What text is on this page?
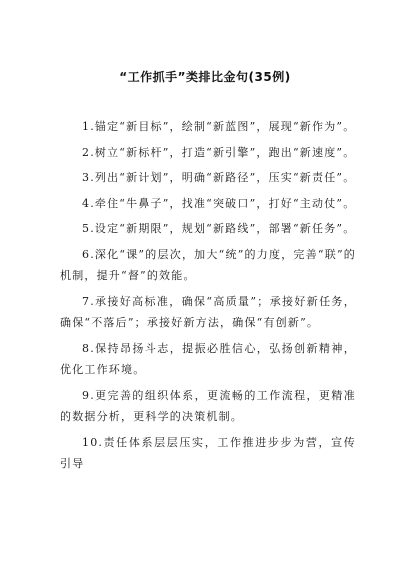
“工作抓手”类排比金句(35例)

1.锚定“新目标”，绘制“新蓝图”，展现“新作为”。

2.树立“新标杆”，打造“新引擎”，跑出“新速度”。

3.列出“新计划”，明确“新路径”，压实“新责任”。

4.牵住“牛鼻子”，找准“突破口”，打好“主动仗”。

5.设定“新期限”，规划“新路线”，部署“新任务”。

6.深化“课”的层次，加大“统”的力度，完善“联”的机制，提升“督”的效能。

7.承接好高标准，确保“高质量”；承接好新任务，确保“不落后”；承接好新方法，确保“有创新”。

8.保持昂扬斗志，提振必胜信心，弘扬创新精神，优化工作环境。

9.更完善的组织体系，更流畅的工作流程，更精准的数据分析，更科学的决策机制。

10.责任体系层层压实，工作推进步步为营，宣传引导
